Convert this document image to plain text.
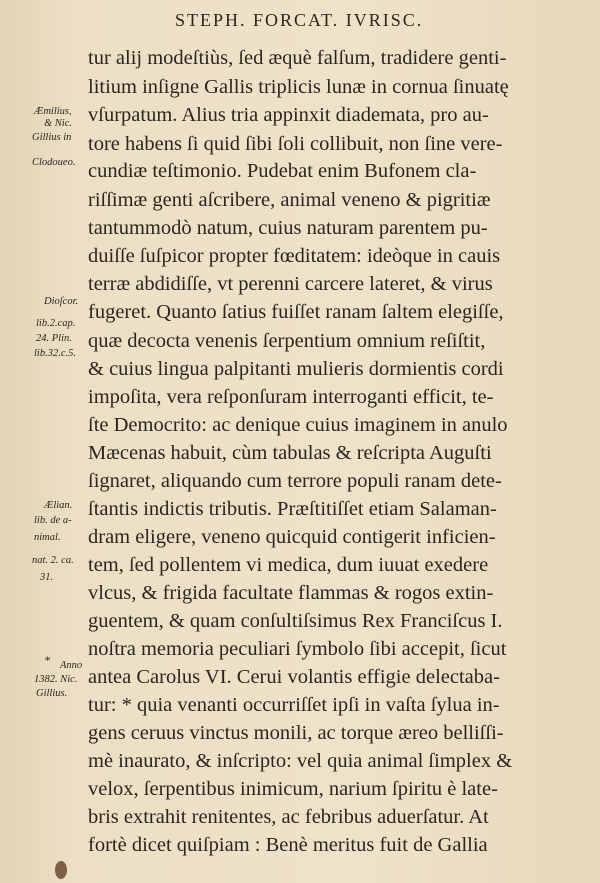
STEPH. FORCAT. IVRISC.
tur alij modeſtiùs, ſed æquè falſum, tradidere genti-
litium inſigne Gallis triplicis lunæ in cornua ſinuatę
vſurpatum. Alius tria appinxit diademata, pro au-
tore habens ſi quid ſibi ſoli collibuit, non ſine vere-
cundiæ teſtimonio. Pudebat enim Bufonem cla-
riſſimæ genti aſcribere, animal veneno & pigritiæ
tantummodò natum, cuius naturam parentem pu-
duiſſe ſuſpicor propter fœditatem: ideòque in cauis
terræ abdidiſſe, vt perenni carcere lateret, & virus
fugeret. Quanto ſatius fuiſſet ranam ſaltem elegiſſe,
quæ decocta venenis ſerpentium omnium reſiſtit,
& cuius lingua palpitanti mulieris dormientis cordi
impoſita, vera reſponſuram interroganti efficit, te-
ſte Democrito: ac denique cuius imaginem in anulo
Mæcenas habuit, cùm tabulas & reſcripta Auguſti
ſignaret, aliquando cum terrore populi ranam dete-
ſtantis indictis tributis. Præſtitiſſet etiam Salaman-
dram eligere, veneno quicquid contigerit inficien-
tem, ſed pollentem vi medica, dum iuuat exedere
vlcus, & frigida facultate flammas & rogos extin-
guentem, & quam conſultiſsimus Rex Franciſcus I.
noſtra memoria peculiari ſymbolo ſibi accepit, ſicut
antea Carolus VI. Cerui volantis effigie delectaba-
tur: * quia venanti occurriſſet ipſi in vaſta ſylua in-
gens ceruus vinctus monili, ac torque æreo belliſſi-
mè inaurato, & inſcripto: vel quia animal ſimplex &
velox, ſerpentibus inimicum, narium ſpiritu è late-
bris extrahit renitentes, ac febribus aduerſatur. At
fortè dicet quiſpiam : Benè meritus fuit de Gallia
Æmilius,
& Nic.
Gillius in
Clodoueo.
Dioſcor.
lib.2.cap.
24. Plin.
lib.32.c.5.
Ælian.
lib. de a-
nimal.
nat. 2. ca.
31.
* Anno
1382. Nic.
Gillius.
